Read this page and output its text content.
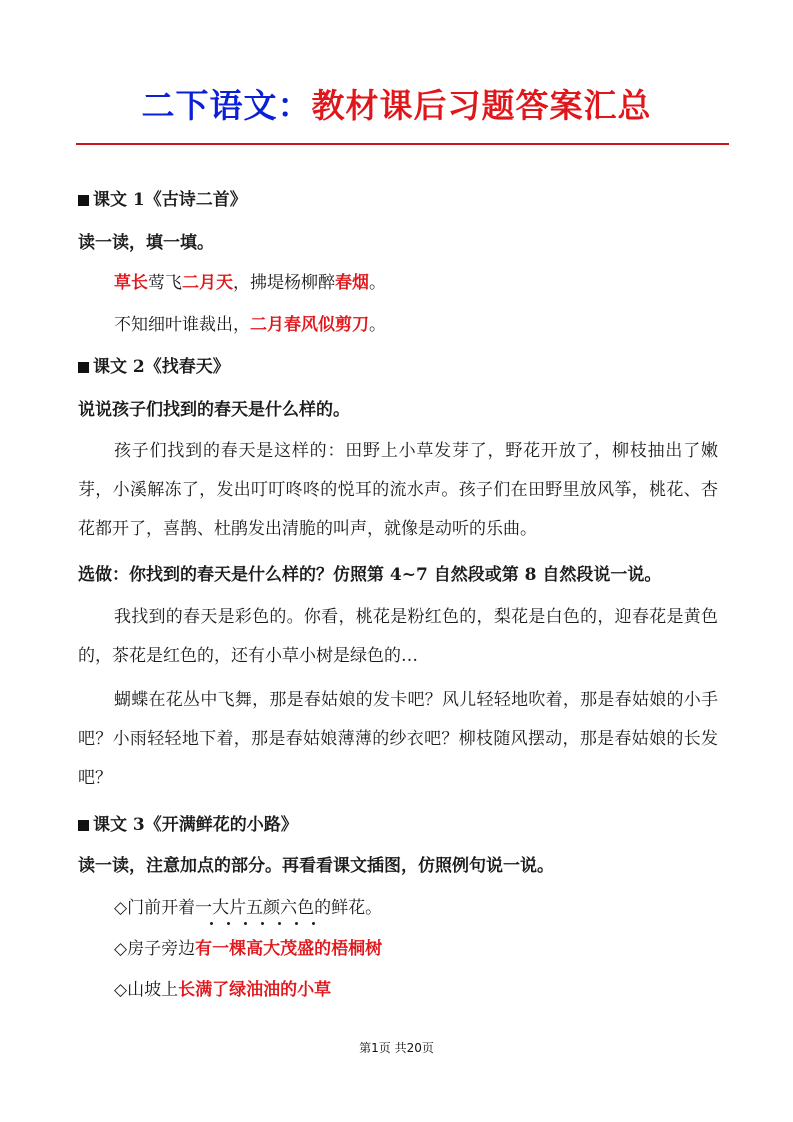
二下语文：教材课后习题答案汇总
课文 1《古诗二首》
读一读，填一填。
草长莺飞二月天，拂堤杨柳醉春烟。
不知细叶谁裁出，二月春风似剪刀。
课文 2《找春天》
说说孩子们找到的春天是什么样的。
孩子们找到的春天是这样的：田野上小草发芽了，野花开放了，柳枝抽出了嫩芽，小溪解冻了，发出叮叮咚咚的悦耳的流水声。孩子们在田野里放风筝，桃花、杏花都开了，喜鹊、杜鹃发出清脆的叫声，就像是动听的乐曲。
选做：你找到的春天是什么样的？仿照第 4~7 自然段或第 8 自然段说一说。
我找到的春天是彩色的。你看，桃花是粉红色的，梨花是白色的，迎春花是黄色的，茶花是红色的，还有小草小树是绿色的…
蝴蝶在花丛中飞舞，那是春姑娘的发卡吧？风儿轻轻地吹着，那是春姑娘的小手吧？小雨轻轻地下着，那是春姑娘薄薄的纱衣吧？柳枝随风摆动，那是春姑娘的长发吧？
课文 3《开满鲜花的小路》
读一读，注意加点的部分。再看看课文插图，仿照例句说一说。
◇门前开着一大片五颜六色的鲜花。
◇房子旁边有一棵高大茂盛的梧桐树
◇山坡上长满了绿油油的小草
第1页 共20页
